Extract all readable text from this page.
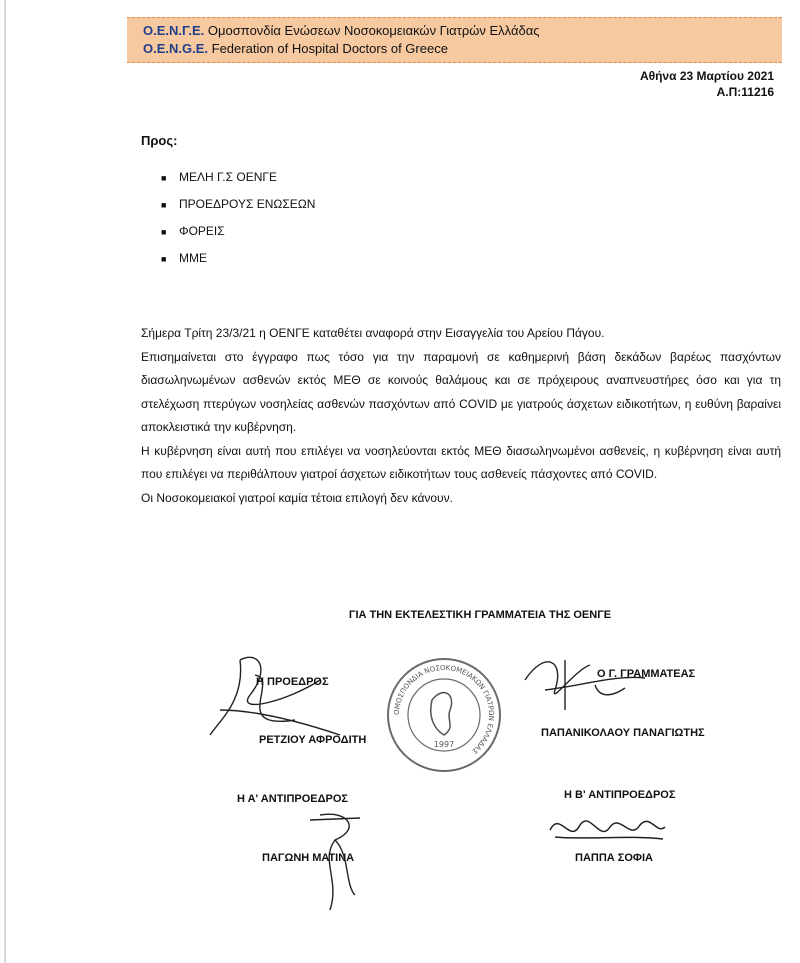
Ο.Ε.Ν.Γ.Ε. Ομοσπονδία Ενώσεων Νοσοκομειακών Γιατρών Ελλάδας
O.E.N.G.E. Federation of Hospital Doctors of Greece
Αθήνα 23 Μαρτίου 2021
Α.Π:11216
Προς:
■ ΜΕΛΗ Γ.Σ ΟΕΝΓΕ
■ ΠΡΟΕΔΡΟΥΣ ΕΝΩΣΕΩΝ
■ ΦΟΡΕΙΣ
■ ΜΜΕ

Σήμερα Τρίτη 23/3/21 η ΟΕΝΓΕ καταθέτει αναφορά στην Εισαγγελία του Αρείου Πάγου.

Επισημαίνεται στο έγγραφο πως τόσο για την παραμονή σε καθημερινή βάση δεκάδων βαρέως πασχόντων διασωληνωμένων ασθενών εκτός ΜΕΘ σε κοινούς θαλάμους και σε πρόχειρους αναπνευστήρες όσο και για τη στελέχωση πτερύγων νοσηλείας ασθενών πασχόντων από COVID με γιατρούς άσχετων ειδικοτήτων, η ευθύνη βαραίνει αποκλειστικά την κυβέρνηση.

Η κυβέρνηση είναι αυτή που επιλέγει να νοσηλεύονται εκτός ΜΕΘ διασωληνωμένοι ασθενείς, η κυβέρνηση είναι αυτή που επιλέγει να περιθάλπουν γιατροί άσχετων ειδικοτήτων τους ασθενείς πάσχοντες από COVID.

Οι Νοσοκομειακοί γιατροί καμία τέτοια επιλογή δεν κάνουν.

ΓΙΑ ΤΗΝ ΕΚΤΕΛΕΣΤΙΚΗ ΓΡΑΜΜΑΤΕΙΑ ΤΗΣ ΟΕΝΓΕ
Η ΠΡΟΕΔΡΟΣ
ΡΕΤΖΙΟΥ ΑΦΡΟΔΙΤΗ
Ο Γ. ΓΡΑΜΜΑΤΕΑΣ
ΠΑΠΑΝΙΚΟΛΑΟΥ ΠΑΝΑΓΙΩΤΗΣ
ΟΜΟΣΠΟΝΔΙΑ ΝΟΣΟΚΟΜΕΙΑΚΩΝ ΓΙΑΤΡΩΝ ΕΛΛΑΔΑΣ
1997
Η Α' ΑΝΤΙΠΡΟΕΔΡΟΣ
ΠΑΓΩΝΗ ΜΑΤΙΝΑ
Η Β' ΑΝΤΙΠΡΟΕΔΡΟΣ
ΠΑΠΠΑ ΣΟΦΙΑ
